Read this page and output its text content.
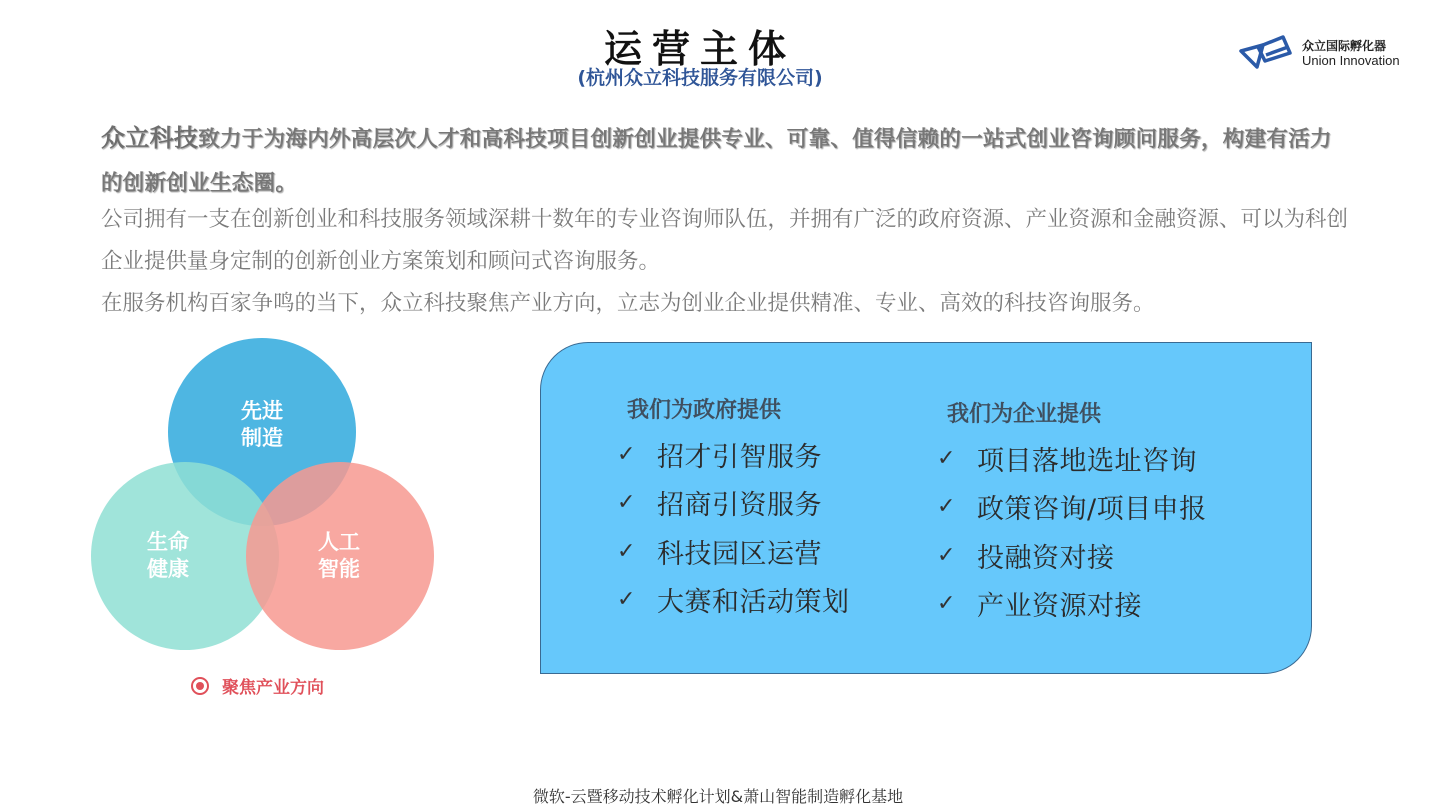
运营主体
(杭州众立科技服务有限公司)
众立国际孵化器
Union Innovation
众立科技致力于为海内外高层次人才和高科技项目创新创业提供专业、可靠、值得信赖的一站式创业咨询顾问服务，构建有活力的创新创业生态圈。
公司拥有一支在创新创业和科技服务领域深耕十数年的专业咨询师队伍，并拥有广泛的政府资源、产业资源和金融资源、可以为科创企业提供量身定制的创新创业方案策划和顾问式咨询服务。
在服务机构百家争鸣的当下，众立科技聚焦产业方向，立志为创业企业提供精准、专业、高效的科技咨询服务。
先进
制造
生命
健康
人工
智能
聚焦产业方向
我们为政府提供
✓ 招才引智服务
✓ 招商引资服务
✓ 科技园区运营
✓ 大赛和活动策划
我们为企业提供
✓ 项目落地选址咨询
✓ 政策咨询/项目申报
✓ 投融资对接
✓ 产业资源对接
微软-云暨移动技术孵化计划&萧山智能制造孵化基地
